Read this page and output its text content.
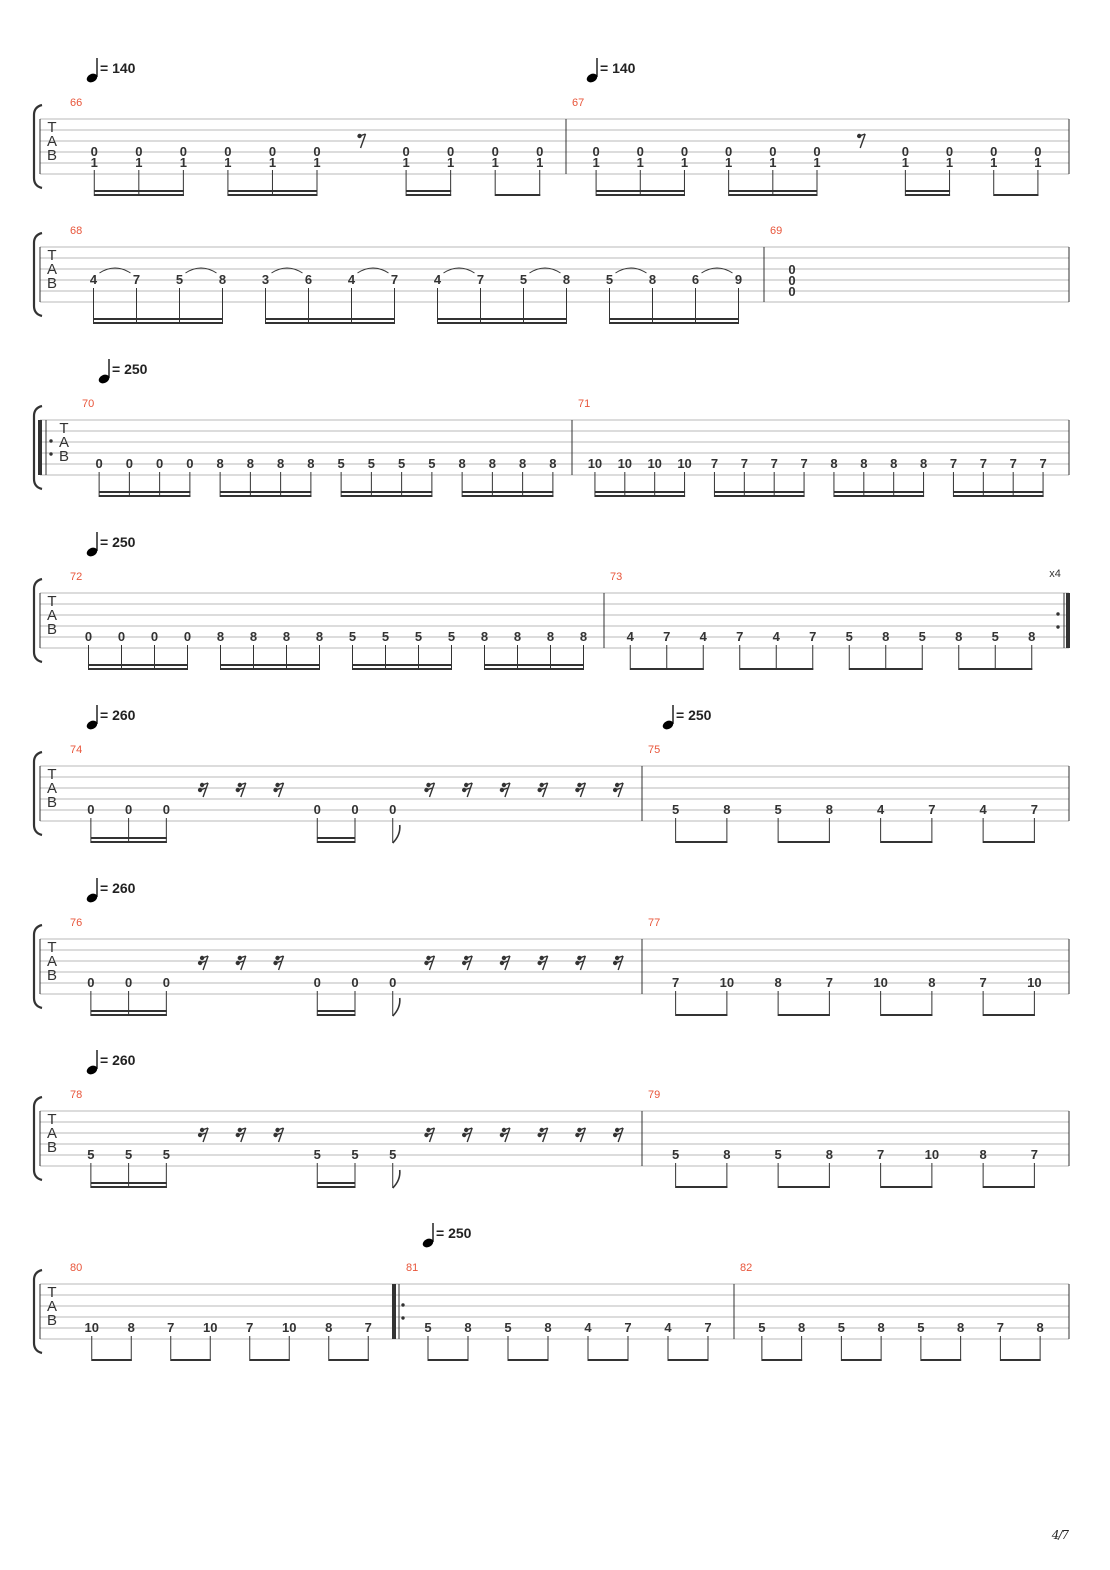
T
A
B
= 140	= 140
66
0
1
0
1
0
1
0
1
0
1
0
1
0
1
0
1
0
1
0
1
67
0
1
0
1
0
1
0
1
0
1
0
1
0
1
0
1
0
1
0
1
T
A
B
68
4	7	5	8	3	6	4	7	4	7	5	8	5	8	6	9
69
0
0
0
T
A
B
= 250
70
0 0 0 0 8 8 8 8 5 5 5 5 8 8 8 8
71
10 10 10 10 7 7 7 7 8 8 8 8 7 7 7 7
T
A
B
x4
= 250
72
0 0 0 0 8 8 8 8 5 5 5 5 8 8 8 8
73
4 7 4 7 4 7 5 8 5 8 5 8
T
A
B
= 260	= 250
74
0 0 0	0 0 0
75
5	8	5	8	4	7	4	7
T
A
B
= 260
76
0 0 0	0 0 0
77
7	10	8	7	10	8	7	10
T
A
B
= 260
78
5 5 5	5 5 5
79
5	8	5	8	7	10	8	7
T
A
B
= 250
80
10 8 7 10 7 10 8 7
81
5	8	5	8	4	7	4	7
82
5	8	5	8	5	8	7	8
4/7
